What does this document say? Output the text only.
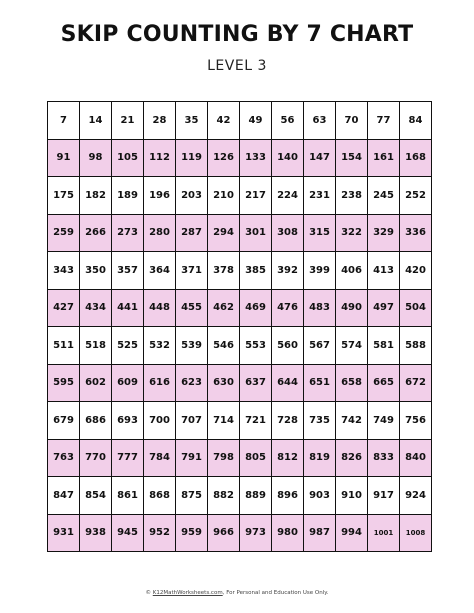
SKIP COUNTING BY 7 CHART
LEVEL 3
7	14	21	28	35	42	49	56	63	70	77	84
91	98	105	112	119	126	133	140	147	154	161	168
175	182	189	196	203	210	217	224	231	238	245	252
259	266	273	280	287	294	301	308	315	322	329	336
343	350	357	364	371	378	385	392	399	406	413	420
427	434	441	448	455	462	469	476	483	490	497	504
511	518	525	532	539	546	553	560	567	574	581	588
595	602	609	616	623	630	637	644	651	658	665	672
679	686	693	700	707	714	721	728	735	742	749	756
763	770	777	784	791	798	805	812	819	826	833	840
847	854	861	868	875	882	889	896	903	910	917	924
931	938	945	952	959	966	973	980	987	994	1001	1008
© K12MathWorksheets.com, For Personal and Education Use Only.
